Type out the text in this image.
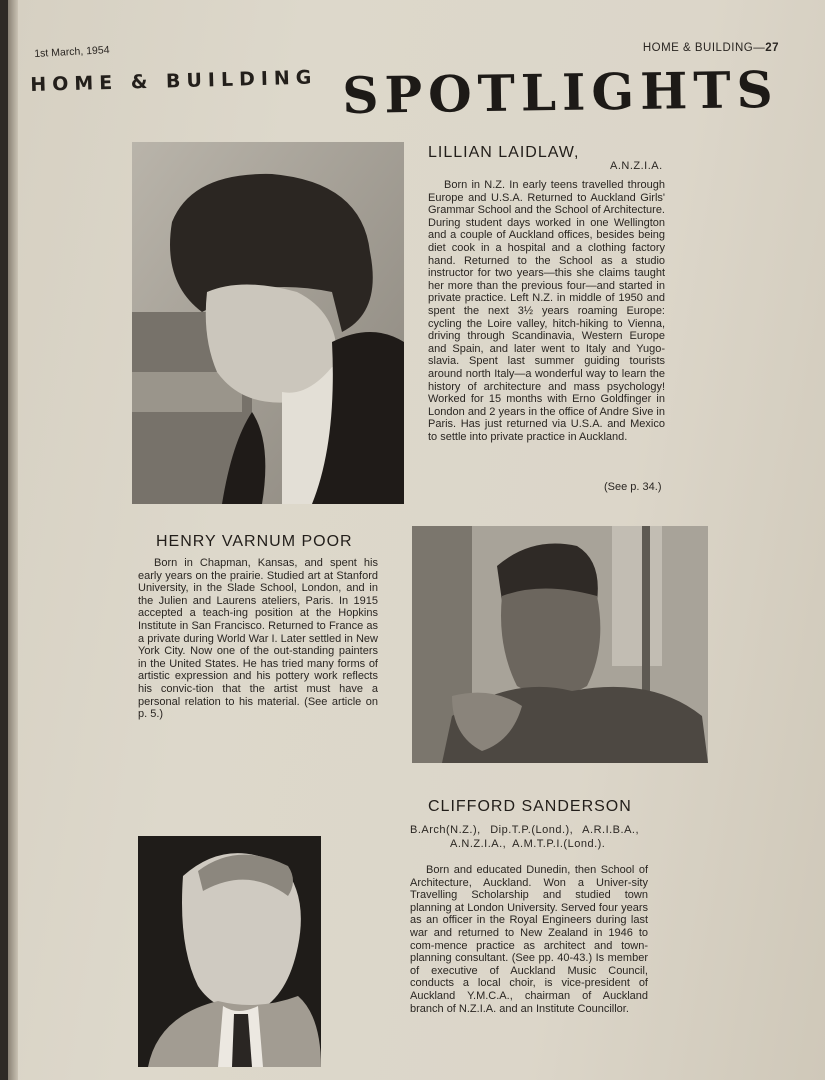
1st March, 1954	HOME & BUILDING—27
HOME & BUILDING SPOTLIGHTS
LILLIAN LAIDLAW,
A.N.Z.I.A.
Born in N.Z. In early teens travelled through Europe and U.S.A. Returned to Auckland Girls' Grammar School and the School of Architecture. During student days worked in one Wellington and a couple of Auckland offices, besides being diet cook in a hospital and a clothing factory hand. Returned to the School as a studio instructor for two years—this she claims taught her more than the previous four—and started in private practice. Left N.Z. in middle of 1950 and spent the next 3½ years roaming Europe: cycling the Loire valley, hitch-hiking to Vienna, driving through Scandinavia, Western Europe and Spain, and later went to Italy and Yugo-slavia. Spent last summer guiding tourists around north Italy—a wonderful way to learn the history of architecture and mass psychology! Worked for 15 months with Erno Goldfinger in London and 2 years in the office of Andre Sive in Paris. Has just returned via U.S.A. and Mexico to settle into private practice in Auckland.
(See p. 34.)
HENRY VARNUM POOR
Born in Chapman, Kansas, and spent his early years on the prairie. Studied art at Stanford University, in the Slade School, London, and in the Julien and Laurens ateliers, Paris. In 1915 accepted a teach-ing position at the Hopkins Institute in San Francisco. Returned to France as a private during World War I. Later settled in New York City. Now one of the out-standing painters in the United States. He has tried many forms of artistic expression and his pottery work reflects his convic-tion that the artist must have a personal relation to his material. (See article on p. 5.)
CLIFFORD SANDERSON
B.Arch(N.Z.), Dip.T.P.(Lond.), A.R.I.B.A.,
A.N.Z.I.A., A.M.T.P.I.(Lond.).
Born and educated Dunedin, then School of Architecture, Auckland. Won a Univer-sity Travelling Scholarship and studied town planning at London University. Served four years as an officer in the Royal Engineers during last war and returned to New Zealand in 1946 to com-mence practice as architect and town-planning consultant. (See pp. 40-43.) Is member of executive of Auckland Music Council, conducts a local choir, is vice-president of Auckland Y.M.C.A., chairman of Auckland branch of N.Z.I.A. and an Institute Councillor.
